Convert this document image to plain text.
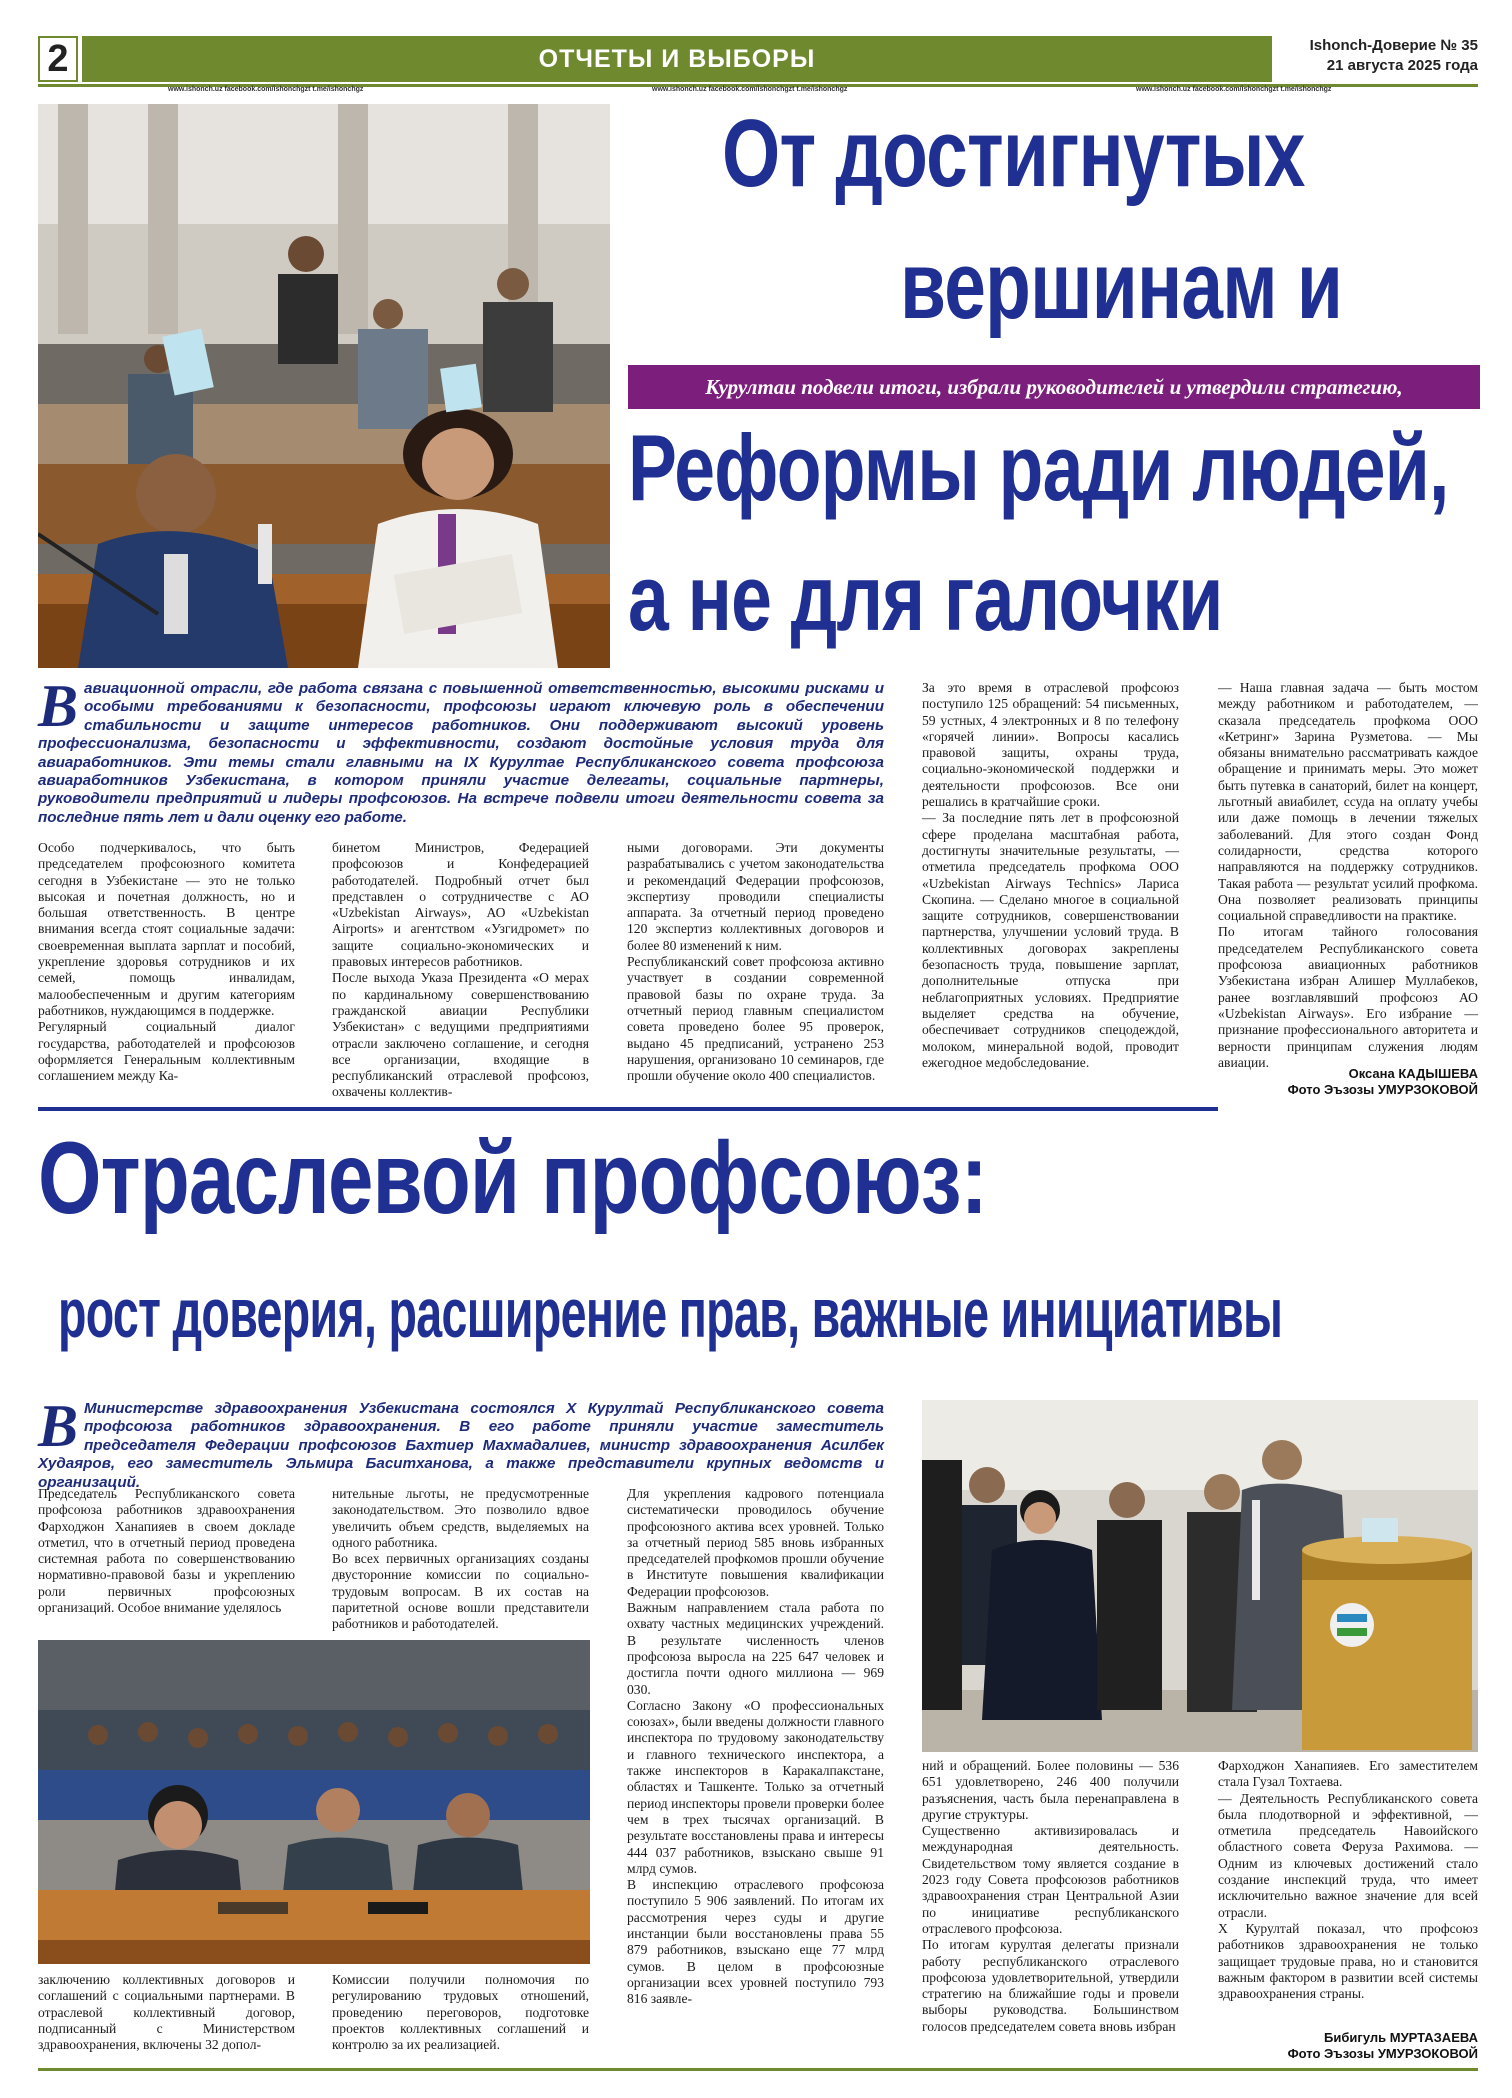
2	ОТЧЕТЫ И ВЫБОРЫ	Ishonch-Доверие № 35
21 августа 2025 года
www.ishonch.uz facebook.com/ishonchgzt t.me/ishonchgz	www.ishonch.uz facebook.com/ishonchgzt t.me/ishonchgz	www.ishonch.uz facebook.com/ishonchgzt t.me/ishonchgz
От достигнутых
вершинам и
Курултаи подвели итоги, избрали руководителей и утвердили стратегию,
Реформы ради людей,
а не для галочки
Вавиационной отрасли, где работа связана с повышенной ответственностью, высокими рисками и особыми требованиями к безопасности, профсоюзы играют ключевую роль в обеспечении стабильности и защите интересов работников. Они поддерживают высокий уровень профессионализма, безопасности и эффективности, создают достойные условия труда для авиаработников. Эти темы стали главными на IX Курултае Республиканского совета профсоюза авиаработников Узбекистана, в котором приняли участие делегаты, социальные партнеры, руководители предприятий и лидеры профсоюзов. На встрече подвели итоги деятельности совета за последние пять лет и дали оценку его работе.
Особо подчеркивалось, что быть председателем профсоюзного комитета сегодня в Узбекистане — это не только высокая и почетная должность, но и большая ответственность. В центре внимания всегда стоят социальные задачи: своевременная выплата зарплат и пособий, укрепление здоровья сотрудников и их семей, помощь инвалидам, малообеспеченным и другим категориям работников, нуждающимся в поддержке.
Регулярный социальный диалог государства, работодателей и профсоюзов оформляется Генеральным коллективным соглашением между Ка-
бинетом Министров, Федерацией профсоюзов и Конфедерацией работодателей. Подробный отчет был представлен о сотрудничестве с АО «Uzbekistan Airways», АО «Uzbekistan Airports» и агентством «Узгидромет» по защите социально-экономических и правовых интересов работников.
После выхода Указа Президента «О мерах по кардинальному совершенствованию гражданской авиации Республики Узбекистан» с ведущими предприятиями отрасли заключено соглашение, и сегодня все организации, входящие в республиканский отраслевой профсоюз, охвачены коллектив-
ными договорами. Эти документы разрабатывались с учетом законодательства и рекомендаций Федерации профсоюзов, экспертизу проводили специалисты аппарата. За отчетный период проведено 120 экспертиз коллективных договоров и более 80 изменений к ним.
Республиканский совет профсоюза активно участвует в создании современной правовой базы по охране труда. За отчетный период главным специалистом совета проведено более 95 проверок, выдано 45 предписаний, устранено 253 нарушения, организовано 10 семинаров, где прошли обучение около 400 специалистов.
За это время в отраслевой профсоюз поступило 125 обращений: 54 письменных, 59 устных, 4 электронных и 8 по телефону «горячей линии». Вопросы касались правовой защиты, охраны труда, социально-экономической поддержки и деятельности профсоюзов. Все они решались в кратчайшие сроки.
— За последние пять лет в профсоюзной сфере проделана масштабная работа, достигнуты значительные результаты, — отметила председатель профкома ООО «Uzbekistan Airways Technics» Лариса Скопина. — Сделано многое в социальной защите сотрудников, совершенствовании партнерства, улучшении условий труда. В коллективных договорах закреплены безопасность труда, повышение зарплат, дополнительные отпуска при неблагоприятных условиях. Предприятие выделяет средства на обучение, обеспечивает сотрудников спецодеждой, молоком, минеральной водой, проводит ежегодное медобследование.
— Наша главная задача — быть мостом между работником и работодателем, — сказала председатель профкома ООО «Кетринг» Зарина Рузметова. — Мы обязаны внимательно рассматривать каждое обращение и принимать меры. Это может быть путевка в санаторий, билет на концерт, льготный авиабилет, ссуда на оплату учебы или даже помощь в лечении тяжелых заболеваний. Для этого создан Фонд солидарности, средства которого направляются на поддержку сотрудников. Такая работа — результат усилий профкома. Она позволяет реализовать принципы социальной справедливости на практике.
По итогам тайного голосования председателем Республиканского совета профсоюза авиационных работников Узбекистана избран Алишер Муллабеков, ранее возглавлявший профсоюз АО «Uzbekistan Airways». Его избрание — признание профессионального авторитета и верности принципам служения людям авиации.
Оксана КАДЫШЕВА
Фото Эъзозы УМУРЗОКОВОЙ
Отраслевой профсоюз:
рост доверия, расширение прав, важные инициативы
В Министерстве здравоохранения Узбекистана состоялся X Курултай Республиканского совета профсоюза работников здравоохранения. В его работе приняли участие заместитель председателя Федерации профсоюзов Бахтиер Махмадалиев, министр здравоохранения Асилбек Худаяров, его заместитель Эльмира Баситханова, а также представители крупных ведомств и организаций.
Председатель Республиканского совета профсоюза работников здравоохранения Фарходжон Ханапияев в своем докладе отметил, что в отчетный период проведена системная работа по совершенствованию нормативно-правовой базы и укреплению роли первичных профсоюзных организаций. Особое внимание уделялось
нительные льготы, не предусмотренные законодательством. Это позволило вдвое увеличить объем средств, выделяемых на одного работника.
Во всех первичных организациях созданы двусторонние комиссии по социально-трудовым вопросам. В их состав на паритетной основе вошли представители работников и работодателей.
заключению коллективных договоров и соглашений с социальными партнерами. В отраслевой коллективный договор, подписанный с Министерством здравоохранения, включены 32 допол-
Комиссии получили полномочия по регулированию трудовых отношений, проведению переговоров, подготовке проектов коллективных соглашений и контролю за их реализацией.
Для укрепления кадрового потенциала систематически проводилось обучение профсоюзного актива всех уровней. Только за отчетный период 585 вновь избранных председателей профкомов прошли обучение в Институте повышения квалификации Федерации профсоюзов.
Важным направлением стала работа по охвату частных медицинских учреждений. В результате численность членов профсоюза выросла на 225 647 человек и достигла почти одного миллиона — 969 030.
Согласно Закону «О профессиональных союзах», были введены должности главного инспектора по трудовому законодательству и главного технического инспектора, а также инспекторов в Каракалпакстане, областях и Ташкенте. Только за отчетный период инспекторы провели проверки более чем в трех тысячах организаций. В результате восстановлены права и интересы 444 037 работников, взыскано свыше 91 млрд сумов.
В инспекцию отраслевого профсоюза поступило 5 906 заявлений. По итогам их рассмотрения через суды и другие инстанции были восстановлены права 55 879 работников, взыскано еще 77 млрд сумов. В целом в профсоюзные организации всех уровней поступило 793 816 заявле-
ний и обращений. Более половины — 536 651 удовлетворено, 246 400 получили разъяснения, часть была перенаправлена в другие структуры.
Существенно активизировалась и международная деятельность. Свидетельством тому является создание в 2023 году Совета профсоюзов работников здравоохранения стран Центральной Азии по инициативе республиканского отраслевого профсоюза.
По итогам курултая делегаты признали работу республиканского отраслевого профсоюза удовлетворительной, утвердили стратегию на ближайшие годы и провели выборы руководства. Большинством голосов председателем совета вновь избран
Фарходжон Ханапияев. Его заместителем стала Гузал Тохтаева.
— Деятельность Республиканского совета была плодотворной и эффективной, — отметила председатель Навоийского областного совета Феруза Рахимова. — Одним из ключевых достижений стало создание инспекций труда, что имеет исключительно важное значение для всей отрасли.
X Курултай показал, что профсоюз работников здравоохранения не только защищает трудовые права, но и становится важным фактором в развитии всей системы здравоохранения страны.
Бибигуль МУРТАЗАЕВА
Фото Эъзозы УМУРЗОКОВОЙ
